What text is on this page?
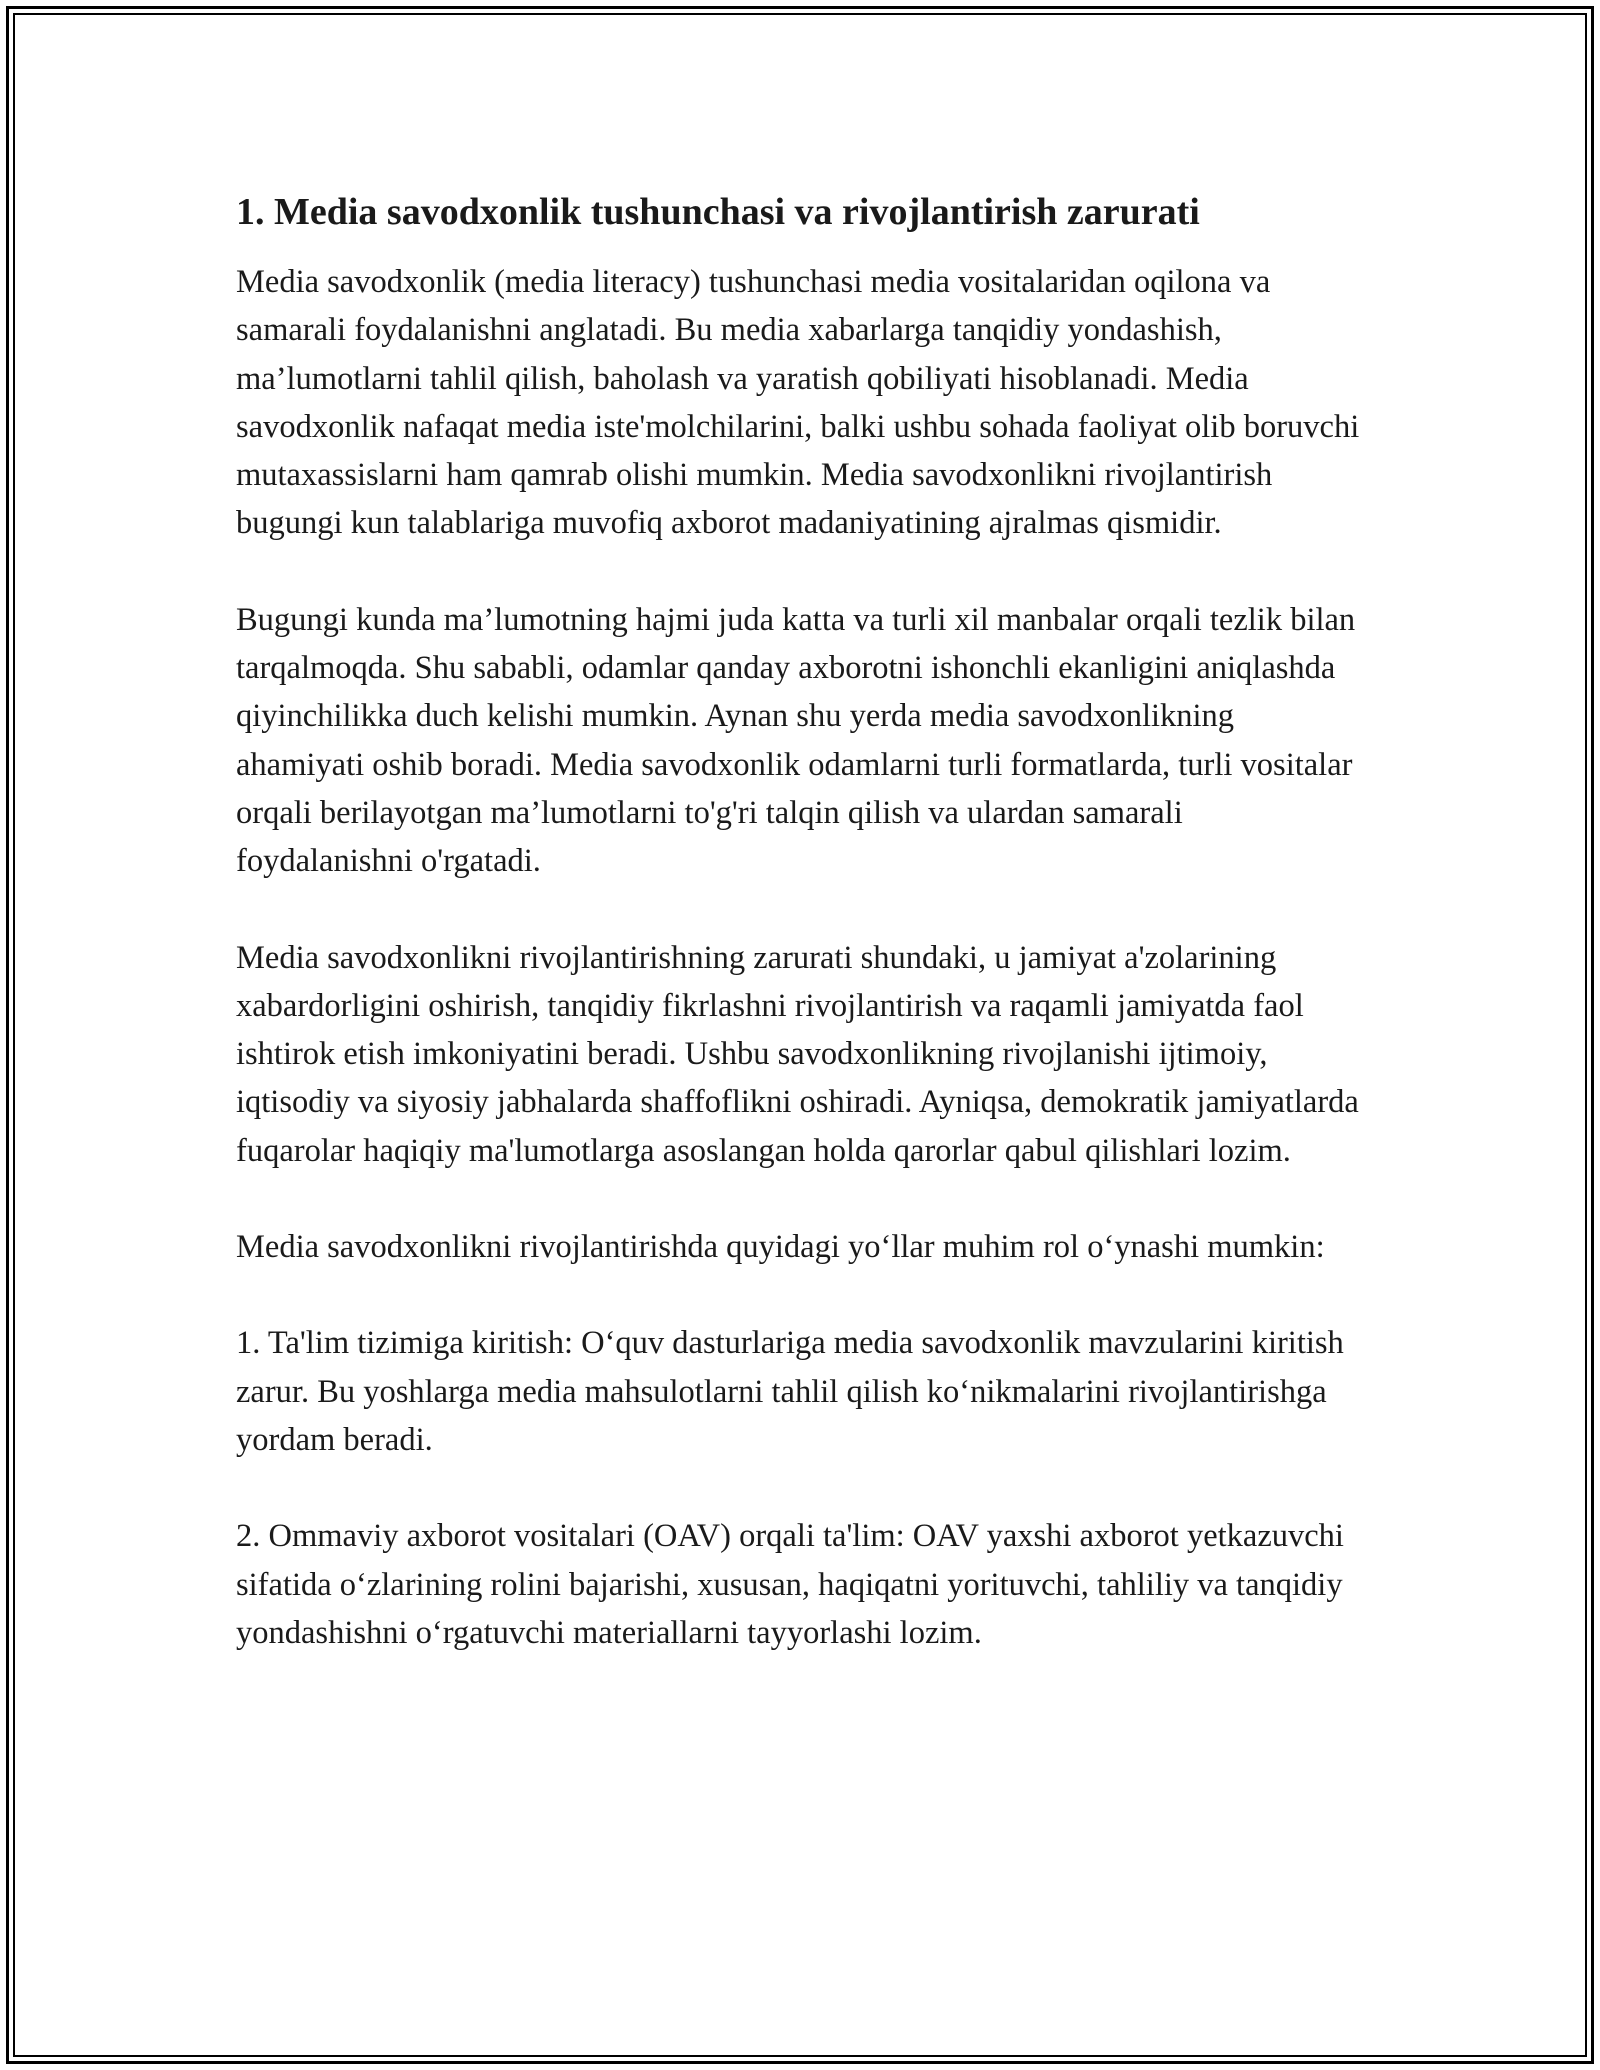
1. Media savodxonlik tushunchasi va rivojlantirish zarurati

Media savodxonlik (media literacy) tushunchasi media vositalaridan oqilona va samarali foydalanishni anglatadi. Bu media xabarlarga tanqidiy yondashish, ma’lumotlarni tahlil qilish, baholash va yaratish qobiliyati hisoblanadi. Media savodxonlik nafaqat media iste'molchilarini, balki ushbu sohada faoliyat olib boruvchi mutaxassislarni ham qamrab olishi mumkin. Media savodxonlikni rivojlantirish bugungi kun talablariga muvofiq axborot madaniyatining ajralmas qismidir.

Bugungi kunda ma’lumotning hajmi juda katta va turli xil manbalar orqali tezlik bilan tarqalmoqda. Shu sababli, odamlar qanday axborotni ishonchli ekanligini aniqlashda qiyinchilikka duch kelishi mumkin. Aynan shu yerda media savodxonlikning ahamiyati oshib boradi. Media savodxonlik odamlarni turli formatlarda, turli vositalar orqali berilayotgan ma’lumotlarni to'g'ri talqin qilish va ulardan samarali foydalanishni o'rgatadi.

Media savodxonlikni rivojlantirishning zarurati shundaki, u jamiyat a'zolarining xabardorligini oshirish, tanqidiy fikrlashni rivojlantirish va raqamli jamiyatda faol ishtirok etish imkoniyatini beradi. Ushbu savodxonlikning rivojlanishi ijtimoiy, iqtisodiy va siyosiy jabhalarda shaffoflikni oshiradi. Ayniqsa, demokratik jamiyatlarda fuqarolar haqiqiy ma'lumotlarga asoslangan holda qarorlar qabul qilishlari lozim.

Media savodxonlikni rivojlantirishda quyidagi yo‘llar muhim rol o‘ynashi mumkin:

1. Ta'lim tizimiga kiritish: O‘quv dasturlariga media savodxonlik mavzularini kiritish zarur. Bu yoshlarga media mahsulotlarni tahlil qilish ko‘nikmalarini rivojlantirishga yordam beradi.

2. Ommaviy axborot vositalari (OAV) orqali ta'lim: OAV yaxshi axborot yetkazuvchi sifatida o‘zlarining rolini bajarishi, xususan, haqiqatni yorituvchi, tahliliy va tanqidiy yondashishni o‘rgatuvchi materiallarni tayyorlashi lozim.
